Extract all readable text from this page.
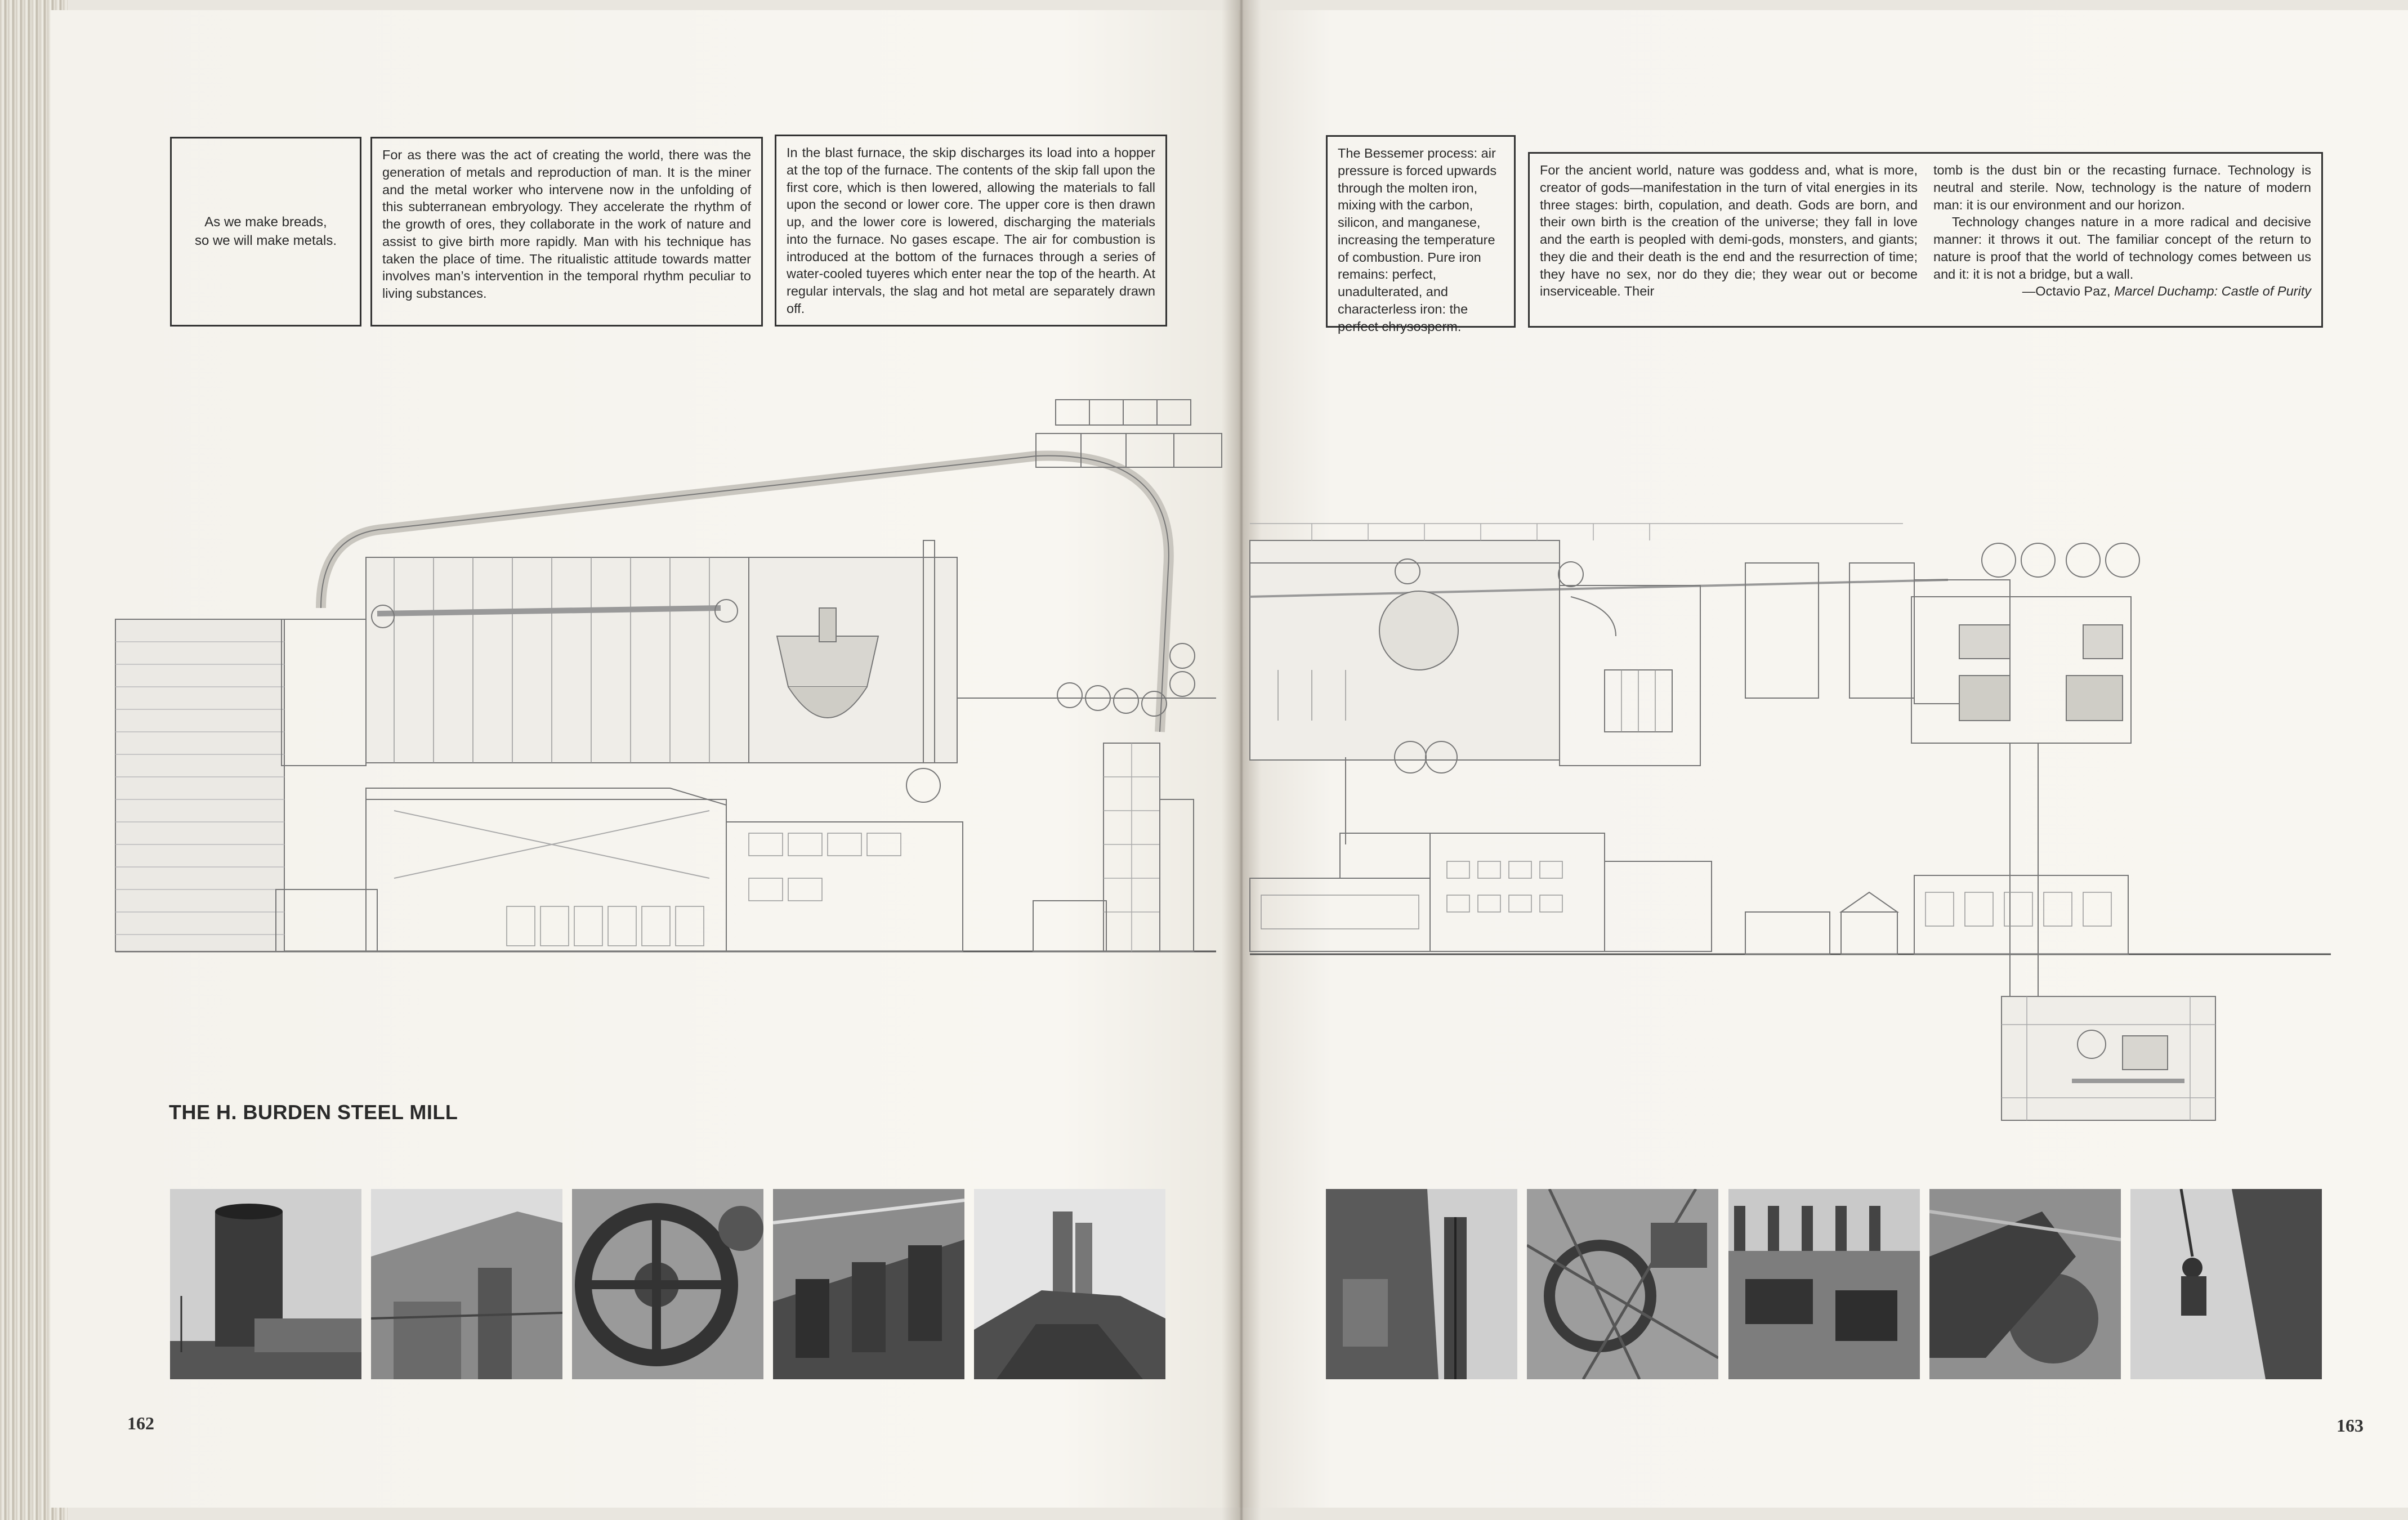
As we make breads,
so we will make metals.

For as there was the act of creating the world, there was the generation of metals and reproduction of man. It is the miner and the metal worker who intervene now in the unfolding of this subterranean embryology. They accelerate the rhythm of the growth of ores, they collaborate in the work of nature and assist to give birth more rapidly. Man with his technique has taken the place of time. The ritualistic attitude towards matter involves man’s intervention in the temporal rhythm peculiar to living substances.

In the blast furnace, the skip discharges its load into a hopper at the top of the furnace. The contents of the skip fall upon the first core, which is then lowered, allowing the materials to fall upon the second or lower core. The upper core is then drawn up, and the lower core is lowered, discharging the materials into the furnace. No gases escape. The air for combustion is introduced at the bottom of the furnaces through a series of water-cooled tuyeres which enter near the top of the hearth. At regular intervals, the slag and hot metal are separately drawn off.

The Bessemer process: air pressure is forced upwards through the molten iron, mixing with the carbon, silicon, and manganese, increasing the temperature of combustion. Pure iron remains: perfect, unadulterated, and characterless iron: the perfect chrysosperm.

For the ancient world, nature was goddess and, what is more, creator of gods—manifestation in the turn of vital energies in its three stages: birth, copulation, and death. Gods are born, and their own birth is the creation of the universe; they fall in love and the earth is peopled with demi-gods, monsters, and giants; they die and their death is the end and the resurrection of time; they have no sex, nor do they die; they wear out or become inserviceable. Their

tomb is the dust bin or the recasting furnace. Technology is neutral and sterile. Now, technology is the nature of modern man: it is our environment and our horizon.

Technology changes nature in a more radical and decisive manner: it throws it out. The familiar concept of the return to nature is proof that the world of technology comes between us and it: it is not a bridge, but a wall.

—Octavio Paz, Marcel Duchamp: Castle of Purity
THE H. BURDEN STEEL MILL
162	163
